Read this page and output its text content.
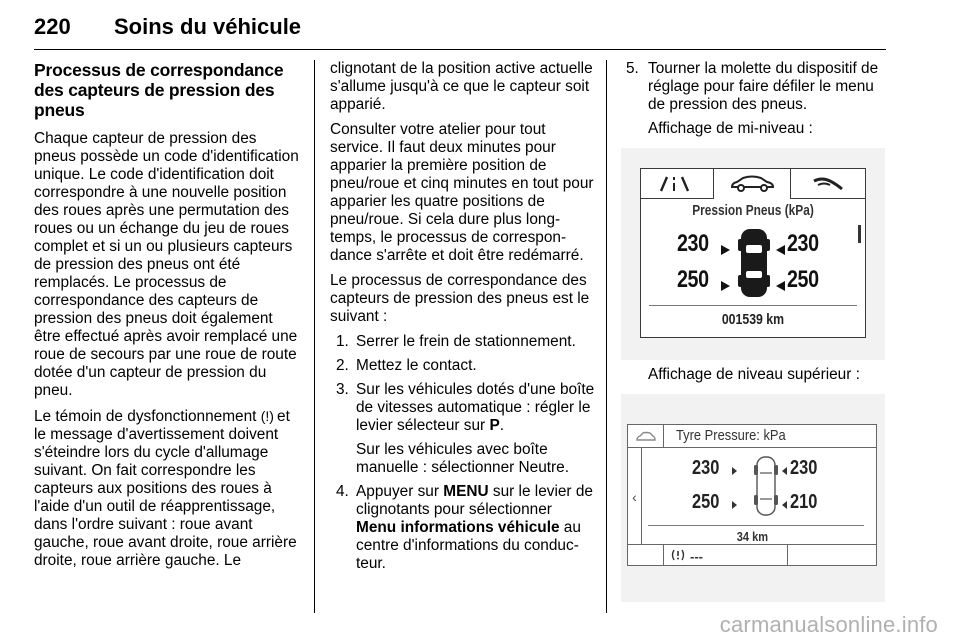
220 Soins du véhicule
Processus de correspondance des capteurs de pression des pneus

Chaque capteur de pression des pneus possède un code d'identification unique. Le code d'identification doit correspondre à une nouvelle position des roues après une permutation des roues ou un échange du jeu de roues complet et si un ou plusieurs capteurs de pression des pneus ont été remplacés. Le processus de correspondance des capteurs de pression des pneus doit également être effectué après avoir remplacé une roue de secours par une roue de route dotée d'un capteur de pression du pneu.

Le témoin de dysfonctionnement (!) et le message d'avertissement doivent s'éteindre lors du cycle d'allumage suivant. On fait correspondre les capteurs aux positions des roues à l'aide d'un outil de réapprentissage, dans l'ordre suivant : roue avant gauche, roue avant droite, roue arrière droite, roue arrière gauche. Le

clignotant de la position active actuelle s'allume jusqu'à ce que le capteur soit apparié.

Consulter votre atelier pour tout service. Il faut deux minutes pour apparier la première position de pneu/roue et cinq minutes en tout pour apparier les quatre positions de pneu/roue. Si cela dure plus longtemps, le processus de correspondance s'arrête et doit être redémarré.

Le processus de correspondance des capteurs de pression des pneus est le suivant :

1. Serrer le frein de stationnement.
2. Mettez le contact.
3. Sur les véhicules dotés d'une boîte de vitesses automatique : régler le levier sélecteur sur P.

Sur les véhicules avec boîte manuelle : sélectionner Neutre.

4. Appuyer sur MENU sur le levier de clignotants pour sélectionner Menu informations véhicule au centre d'informations du conducteur.
5. Tourner la molette du dispositif de réglage pour faire défiler le menu de pression des pneus.
Affichage de mi-niveau :
Pression Pneus (kPa)
230	230
250	250
001539 km
Affichage de niveau supérieur :
Tyre Pressure: kPa
‹
230	230
250	210
34 km
---
carmanualsonline.info
